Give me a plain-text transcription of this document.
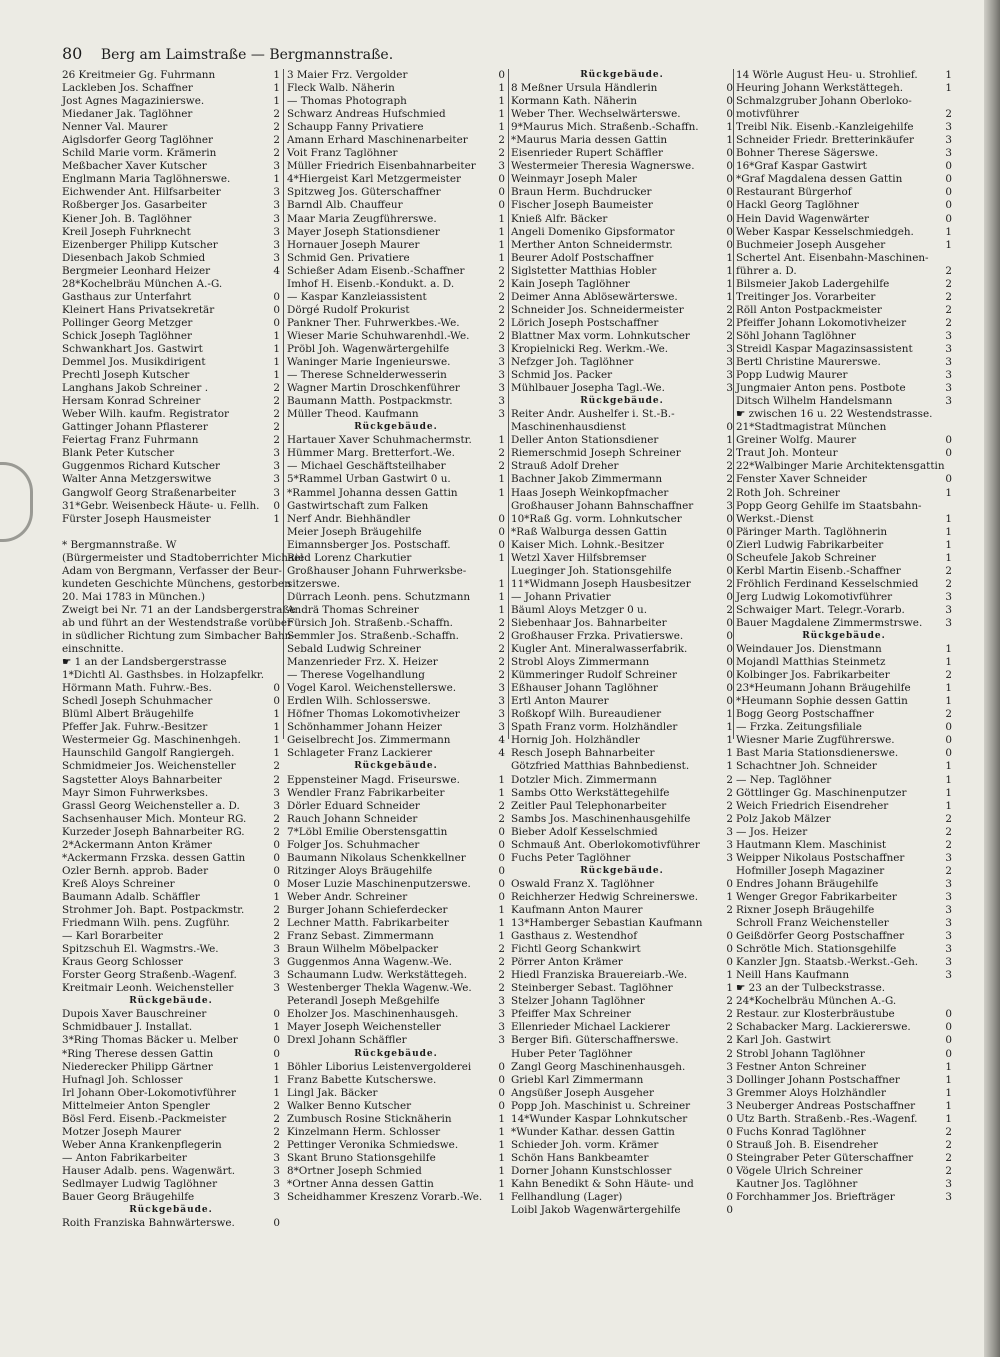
80 Berg am Laimstraße — Bergmannstraße.
26 Kreitmeier Gg. Fuhrmann	1
Lackleben Jos. Schaffner	1
Jost Agnes Magazinierswe.	1
Miedaner Jak. Taglöhner	2
Nenner Val. Maurer	2
Aiglsdorfer Georg Taglöhner	2
Schild Marie vorm. Krämerin	2
Meßbacher Xaver Kutscher	3
Englmann Maria Taglöhnerswe.	1
Eichwender Ant. Hilfsarbeiter	3
Roßberger Jos. Gasarbeiter	3
Kiener Joh. B. Taglöhner	3
Kreil Joseph Fuhrknecht	3
Eizenberger Philipp Kutscher	3
Diesenbach Jakob Schmied	3
Bergmeier Leonhard Heizer	4
28*Kochelbräu München A.-G.
Gasthaus zur Unterfahrt	0
Kleinert Hans Privatsekretär	0
Pollinger Georg Metzger	0
Schick Joseph Taglöhner	1
Schwankhart Jos. Gastwirt	1
Demmel Jos. Musikdirigent	1
Prechtl Joseph Kutscher	1
Langhans Jakob Schreiner .	2
Hersam Konrad Schreiner	2
Weber Wilh. kaufm. Registrator	2
Gattinger Johann Pflasterer	2
Feiertag Franz Fuhrmann	2
Blank Peter Kutscher	3
Guggenmos Richard Kutscher	3
Walter Anna Metzgerswitwe	3
Gangwolf Georg Straßenarbeiter	3
31*Gebr. Weisenbeck Häute- u. Fellh.	0
Fürster Joseph Hausmeister	1
* Bergmannstraße. W
(Bürgermeister und Stadtoberrichter Michael
Adam von Bergmann, Verfasser der Beur-
kundeten Geschichte Münchens, gestorben
20. Mai 1783 in München.)
Zweigt bei Nr. 71 an der Landsbergerstraße
ab und führt an der Westendstraße vorüber
in südlicher Richtung zum Simbacher Bahn-
einschnitte.
☛ 1 an der Landsbergerstrasse
1*Dichtl Al. Gasthsbes. in Holzapfelkr.
Hörmann Math. Fuhrw.-Bes.	0
Schedl Joseph Schuhmacher	0
Blüml Albert Bräugehilfe	1
Pfeffer Jak. Fuhrw.-Besitzer	1
Westermeier Gg. Maschinenhgeh.	1
Haunschild Gangolf Rangiergeh.	1
Schmidmeier Jos. Weichensteller	2
Sagstetter Aloys Bahnarbeiter	2
Mayr Simon Fuhrwerksbes.	3
Grassl Georg Weichensteller a. D.	3
Sachsenhauser Mich. Monteur RG.	2
Kurzeder Joseph Bahnarbeiter RG.	2
2*Ackermann Anton Krämer	0
*Ackermann Frzska. dessen Gattin	0
Ozler Bernh. approb. Bader	0
Kreß Aloys Schreiner	0
Baumann Adalb. Schäffler	1
Strohmer Joh. Bapt. Postpackmstr.	2
Friedmann Wilh. pens. Zugführ.	2
— Karl Borarbeiter	2
Spitzschuh El. Wagmstrs.-We.	3
Kraus Georg Schlosser	3
Forster Georg Straßenb.-Wagenf.	3
Kreitmair Leonh. Weichensteller	3
Rückgebäude.
Dupois Xaver Bauschreiner	0
Schmidbauer J. Installat.	1
3*Ring Thomas Bäcker u. Melber	0
*Ring Therese dessen Gattin	0
Niederecker Philipp Gärtner	1
Hufnagl Joh. Schlosser	1
Irl Johann Ober-Lokomotivführer	1
Mittelmeier Anton Spengler	2
Bösl Ferd. Eisenb.-Packmeister	2
Motzer Joseph Maurer	2
Weber Anna Krankenpflegerin	2
— Anton Fabrikarbeiter	3
Hauser Adalb. pens. Wagenwärt.	3
Sedlmayer Ludwig Taglöhner	3
Bauer Georg Bräugehilfe	3
Rückgebäude.
Roith Franziska Bahnwärterswe.	0
3 Maier Frz. Vergolder	0
Fleck Walb. Näherin	1
— Thomas Photograph	1
Schwarz Andreas Hufschmied	1
Schaupp Fanny Privatiere	1
Amann Erhard Maschinenarbeiter	2
Voit Franz Taglöhner	2
Müller Friedrich Eisenbahnarbeiter	3
4*Hiergeist Karl Metzgermeister	0
Spitzweg Jos. Güterschaffner	0
Barndl Alb. Chauffeur	0
Maar Maria Zeugführerswe.	1
Mayer Joseph Stationsdiener	1
Hornauer Joseph Maurer	1
Schmid Gen. Privatiere	1
Schießer Adam Eisenb.-Schaffner	2
Imhof H. Eisenb.-Kondukt. a. D.	2
— Kaspar Kanzleiassistent	2
Dörgé Rudolf Prokurist	2
Pankner Ther. Fuhrwerkbes.-We.	2
Wieser Marie Schuhwarenhdl.-We.	2
Pröbl Joh. Wagenwärtergehilfe	3
Waninger Marie Ingenieurswe.	3
— Therese Schnelderwesserin	3
Wagner Martin Droschkenführer	3
Baumann Matth. Postpackmstr.	3
Müller Theod. Kaufmann	3
Rückgebäude.
Hartauer Xaver Schuhmachermstr.	1
Hümmer Marg. Bretterfort.-We.	2
— Michael Geschäftsteilhaber	2
5*Rammel Urban Gastwirt 0 u.	1
*Rammel Johanna dessen Gattin	1
Gastwirtschaft zum Falken
Nerf Andr. Biehhändler	0
Meier Joseph Bräugehilfe	0
Eimannsberger Jos. Postschaff.	0
Ried Lorenz Charkutier	1
Großhauser Johann Fuhrwerksbe-
sitzerswe.	1
Dürrach Leonh. pens. Schutzmann	1
Andrä Thomas Schreiner	1
Fürsich Joh. Straßenb.-Schaffn.	2
Semmler Jos. Straßenb.-Schaffn.	2
Sebald Ludwig Schreiner	2
Manzenrieder Frz. X. Heizer	2
— Therese Vogelhandlung	2
Vogel Karol. Weichenstellerswe.	3
Erdlen Wilh. Schlosserswe.	3
Höfner Thomas Lokomotivheizer	3
Schönhammer Johann Heizer	3
Geiselbrecht Jos. Zimmermann	4
Schlageter Franz Lackierer	4
Rückgebäude.
Eppensteiner Magd. Friseurswe.	1
Wendler Franz Fabrikarbeiter	1
Dörler Eduard Schneider	2
Rauch Johann Schneider	2
7*Löbl Emilie Oberstensgattin	0
Folger Jos. Schuhmacher	0
Baumann Nikolaus Schenkkellner	0
Ritzinger Aloys Bräugehilfe	0
Moser Luzie Maschinenputzerswe.	0
Weber Andr. Schreiner	0
Burger Johann Schieferdecker	1
Lechner Matth. Fabrikarbeiter	1
Franz Sebast. Zimmermann	1
Braun Wilhelm Möbelpacker	2
Guggenmos Anna Wagenw.-We.	2
Schaumann Ludw. Werkstättegeh.	2
Westenberger Thekla Wagenw.-We.	2
Peterandl Joseph Meßgehilfe	3
Eholzer Jos. Maschinenhausgeh.	3
Mayer Joseph Weichensteller	3
Drexl Johann Schäffler	3
Rückgebäude.
Böhler Liborius Leistenvergolderei	0
Franz Babette Kutscherswe.	0
Lingl Jak. Bäcker	0
Walker Benno Kutscher	0
Zumbusch Rosine Sticknäherin	1
Kinzelmann Herm. Schlosser	1
Pettinger Veronika Schmiedswe.	1
Skant Bruno Stationsgehilfe	1
8*Ortner Joseph Schmied	1
*Ortner Anna dessen Gattin	1
Scheidhammer Kreszenz Vorarb.-We.	1
Rückgebäude.
8 Meßner Ursula Händlerin	0
Kormann Kath. Näherin	0
Weber Ther. Wechselwärterswe.	0
9*Maurus Mich. Straßenb.-Schaffn.	1
*Maurus Maria dessen Gattin	1
Eisenrieder Rupert Schäffler	0
Westermeier Theresia Wagnerswe.	0
Weinmayr Joseph Maler	0
Braun Herm. Buchdrucker	0
Fischer Joseph Baumeister	0
Knieß Alfr. Bäcker	0
Angeli Domeniko Gipsformator	0
Merther Anton Schneidermstr.	0
Beurer Adolf Postschaffner	1
Siglstetter Matthias Hobler	1
Kain Joseph Taglöhner	1
Deimer Anna Ablösewärterswe.	1
Schneider Jos. Schneidermeister	2
Lörich Joseph Postschaffner	2
Blattner Max vorm. Lohnkutscher	2
Kropielnicki Reg. Werkm.-We.	3
Nefzger Joh. Taglöhner	3
Schmid Jos. Packer	3
Mühlbauer Josepha Tagl.-We.	3
Rückgebäude.
Reiter Andr. Aushelfer i. St.-B.-
Maschinenhausdienst	0
Deller Anton Stationsdiener	1
Riemerschmid Joseph Schreiner	2
Strauß Adolf Dreher	2
Bachner Jakob Zimmermann	2
Haas Joseph Weinkopfmacher	2
Großhauser Johann Bahnschaffner	3
10*Raß Gg. vorm. Lohnkutscher	0
*Raß Walburga dessen Gattin	0
Kaiser Mich. Lohnk.-Besitzer	0
Wetzl Xaver Hilfsbremser	0
Lueginger Joh. Stationsgehilfe	0
11*Widmann Joseph Hausbesitzer	2
— Johann Privatier	0
Bäuml Aloys Metzger 0 u.	2
Siebenhaar Jos. Bahnarbeiter	0
Großhauser Frzka. Privatierswe.	0
Kugler Ant. Mineralwasserfabrik.	0
Strobl Aloys Zimmermann	0
Kümmeringer Rudolf Schreiner	0
Eßhauser Johann Taglöhner	0
Ertl Anton Maurer	0
Roßkopf Wilh. Bureaudiener	1
Spath Franz vorm. Holzhändler	1
Hornig Joh. Holzhändler	1
Resch Joseph Bahnarbeiter	1
Götzfried Matthias Bahnbedienst.	1
Dotzler Mich. Zimmermann	2
Sambs Otto Werkstättegehilfe	2
Zeitler Paul Telephonarbeiter	2
Sambs Jos. Maschinenhausgehilfe	2
Bieber Adolf Kesselschmied	3
Schmauß Ant. Oberlokomotivführer	3
Fuchs Peter Taglöhner	3
Rückgebäude.
Oswald Franz X. Taglöhner	0
Reichherzer Hedwig Schreinerswe.	1
Kaufmann Anton Maurer	2
13*Hamberger Sebastian Kaufmann
Gasthaus z. Westendhof	0
Fichtl Georg Schankwirt	0
Pörrer Anton Krämer	0
Hiedl Franziska Brauereiarb.-We.	1
Steinberger Sebast. Taglöhner	1
Stelzer Johann Taglöhner	2
Pfeiffer Max Schreiner	2
Ellenrieder Michael Lackierer	2
Berger Bifi. Güterschaffnerswe.	2
Huber Peter Taglöhner	2
Zangl Georg Maschinenhausgeh.	3
Griebl Karl Zimmermann	3
Angsüßer Joseph Ausgeher	3
Popp Joh. Maschinist u. Schreiner	3
14*Wunder Kaspar Lohnkutscher	0
*Wunder Kathar. dessen Gattin	0
Schieder Joh. vorm. Krämer	0
Schön Hans Bankbeamter	0
Dorner Johann Kunstschlosser	0
Kahn Benedikt & Sohn Häute- und
Fellhandlung (Lager)	0
Loibl Jakob Wagenwärtergehilfe	0
14 Wörle August Heu- u. Strohlief.	1
Heuring Johann Werkstättegeh.	1
Schmalzgruber Johann Oberloko-
motivführer	2
Treibl Nik. Eisenb.-Kanzleigehilfe	3
Schneider Friedr. Bretterinkäufer	3
Bohner Therese Sägerswe.	3
16*Graf Kaspar Gastwirt	0
*Graf Magdalena dessen Gattin	0
Restaurant Bürgerhof	0
Hackl Georg Taglöhner	0
Hein David Wagenwärter	0
Weber Kaspar Kesselschmiedgeh.	1
Buchmeier Joseph Ausgeher	1
Schertel Ant. Eisenbahn-Maschinen-
führer a. D.	2
Bilsmeier Jakob Ladergehilfe	2
Treitinger Jos. Vorarbeiter	2
Röll Anton Postpackmeister	2
Pfeiffer Johann Lokomotivheizer	2
Söhl Johann Taglöhner	3
Streidl Kaspar Magazinsassistent	3
Bertl Christine Maurerswe.	3
Popp Ludwig Maurer	3
Jungmaier Anton pens. Postbote	3
Ditsch Wilhelm Handelsmann	3
☛ zwischen 16 u. 22 Westendstrasse.
21*Stadtmagistrat München
Greiner Wolfg. Maurer	0
Traut Joh. Monteur	0
22*Walbinger Marie Architektensgattin
Fenster Xaver Schneider	0
Roth Joh. Schreiner	1
Popp Georg Gehilfe im Staatsbahn-
Werkst.-Dienst	1
Päringer Marth. Taglöhnerin	1
Zierl Ludwig Fabrikarbeiter	1
Scheufele Jakob Schreiner	1
Kerbl Martin Eisenb.-Schaffner	2
Fröhlich Ferdinand Kesselschmied	2
Jerg Ludwig Lokomotivführer	3
Schwaiger Mart. Telegr.-Vorarb.	3
Bauer Magdalene Zimmermstrswe.	3
Rückgebäude.
Weindauer Jos. Dienstmann	1
Mojandl Matthias Steinmetz	1
Kolbinger Jos. Fabrikarbeiter	2
23*Heumann Johann Bräugehilfe	1
*Heumann Sophie dessen Gattin	1
Bogg Georg Postschaffner	2
— Frzka. Zeitungsfiliale	0
Wiesner Marie Zugführerswe.	0
Bast Maria Stationsdienerswe.	0
Schachtner Joh. Schneider	1
— Nep. Taglöhner	1
Göttlinger Gg. Maschinenputzer	1
Weich Friedrich Eisendreher	1
Polz Jakob Mälzer	2
— Jos. Heizer	2
Hautmann Klem. Maschinist	2
Weipper Nikolaus Postschaffner	3
Hofmiller Joseph Magaziner	2
Endres Johann Bräugehilfe	3
Wenger Gregor Fabrikarbeiter	3
Rixner Joseph Bräugehilfe	3
Schroll Franz Weichensteller	3
Geißdörfer Georg Postschaffner	3
Schrötle Mich. Stationsgehilfe	3
Kanzler Jgn. Staatsb.-Werkst.-Geh.	3
Neill Hans Kaufmann	3
☛ 23 an der Tulbeckstrasse.
24*Kochelbräu München A.-G.
Restaur. zur Klosterbräustube	0
Schabacker Marg. Lackiererswe.	0
Karl Joh. Gastwirt	0
Strobl Johann Taglöhner	0
Festner Anton Schreiner	1
Dollinger Johann Postschaffner	1
Gremmer Aloys Holzhändler	1
Neuberger Andreas Postschaffner	1
Utz Barth. Straßenb.-Res.-Wagenf.	1
Fuchs Konrad Taglöhner	2
Strauß Joh. B. Eisendreher	2
Steingraber Peter Güterschaffner	2
Vögele Ulrich Schreiner	2
Kautner Jos. Taglöhner	3
Forchhammer Jos. Briefträger	3
